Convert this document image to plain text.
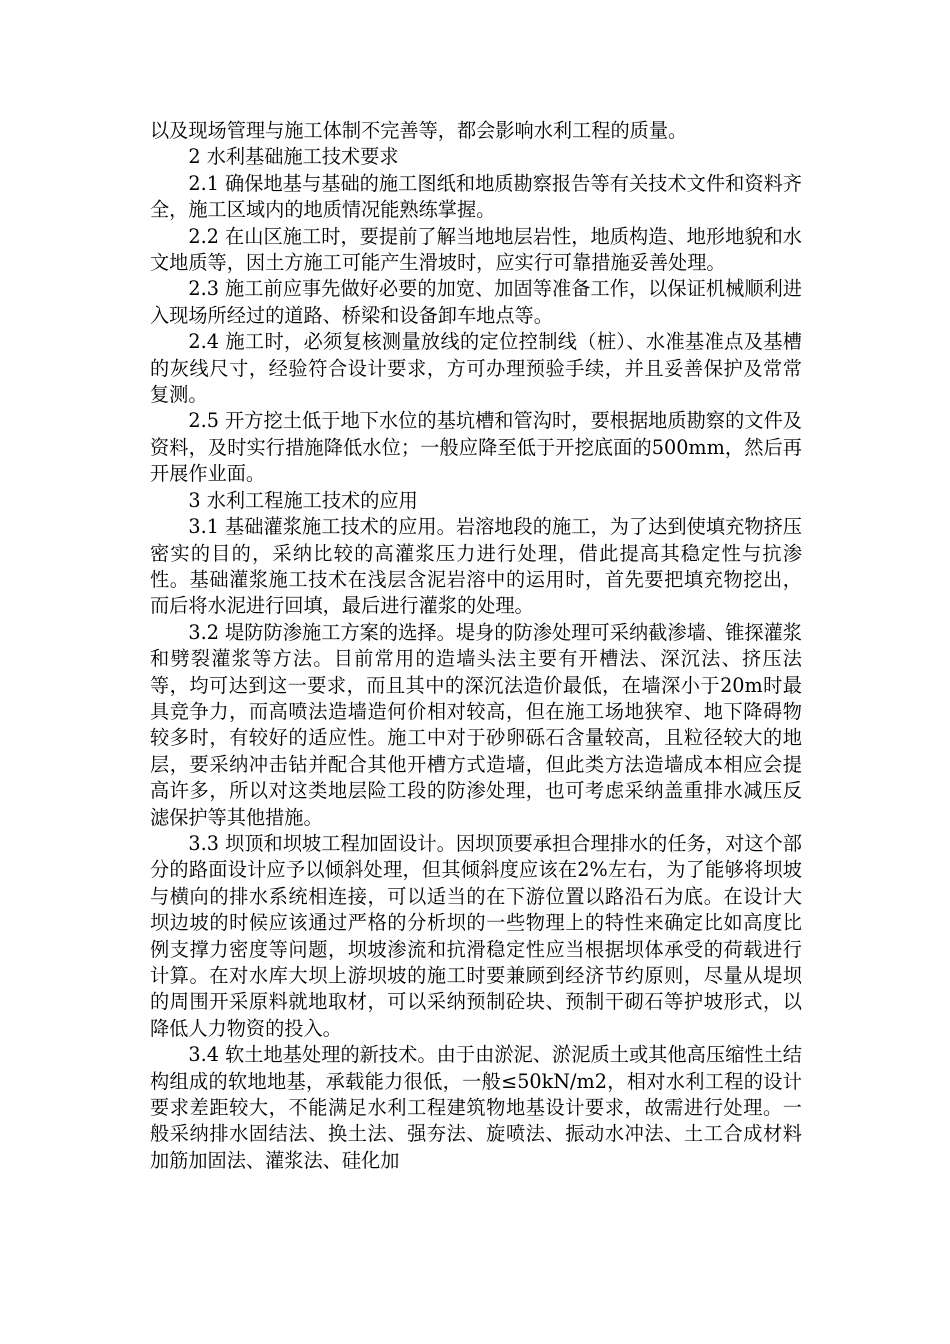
以及现场管理与施工体制不完善等，都会影响水利工程的质量。

2 水利基础施工技术要求

2.1 确保地基与基础的施工图纸和地质勘察报告等有关技术文件和资料齐全，施工区域内的地质情况能熟练掌握。

2.2 在山区施工时，要提前了解当地地层岩性，地质构造、地形地貌和水文地质等，因土方施工可能产生滑坡时，应实行可靠措施妥善处理。

2.3 施工前应事先做好必要的加宽、加固等准备工作，以保证机械顺利进入现场所经过的道路、桥梁和设备卸车地点等。

2.4 施工时，必须复核测量放线的定位控制线（桩）、水准基准点及基槽的灰线尺寸，经验符合设计要求，方可办理预验手续，并且妥善保护及常常复测。

2.5 开方挖土低于地下水位的基坑槽和管沟时，要根据地质勘察的文件及资料，及时实行措施降低水位；一般应降至低于开挖底面的500mm，然后再开展作业面。

3 水利工程施工技术的应用

3.1 基础灌浆施工技术的应用。岩溶地段的施工，为了达到使填充物挤压密实的目的，采纳比较的高灌浆压力进行处理，借此提高其稳定性与抗渗性。基础灌浆施工技术在浅层含泥岩溶中的运用时，首先要把填充物挖出，而后将水泥进行回填，最后进行灌浆的处理。

3.2 堤防防渗施工方案的选择。堤身的防渗处理可采纳截渗墙、锥探灌浆和劈裂灌浆等方法。目前常用的造墙头法主要有开槽法、深沉法、挤压法等，均可达到这一要求，而且其中的深沉法造价最低，在墙深小于20m时最具竞争力，而高喷法造墙造何价相对较高，但在施工场地狭窄、地下降碍物较多时，有较好的适应性。施工中对于砂卵砾石含量较高，且粒径较大的地层，要采纳冲击钻并配合其他开槽方式造墙，但此类方法造墙成本相应会提高许多，所以对这类地层险工段的防渗处理，也可考虑采纳盖重排水减压反滤保护等其他措施。

3.3 坝顶和坝坡工程加固设计。因坝顶要承担合理排水的任务，对这个部分的路面设计应予以倾斜处理，但其倾斜度应该在2%左右，为了能够将坝坡与横向的排水系统相连接，可以适当的在下游位置以路沿石为底。在设计大坝边坡的时候应该通过严格的分析坝的一些物理上的特性来确定比如高度比例支撑力密度等问题，坝坡渗流和抗滑稳定性应当根据坝体承受的荷载进行计算。在对水库大坝上游坝坡的施工时要兼顾到经济节约原则，尽量从堤坝的周围开采原料就地取材，可以采纳预制砼块、预制干砌石等护坡形式，以降低人力物资的投入。

3.4 软土地基处理的新技术。由于由淤泥、淤泥质土或其他高压缩性土结构组成的软地地基，承载能力很低，一般≤50kN/m2，相对水利工程的设计要求差距较大，不能满足水利工程建筑物地基设计要求，故需进行处理。一般采纳排水固结法、换土法、强夯法、旋喷法、振动水冲法、土工合成材料加筋加固法、灌浆法、硅化加
